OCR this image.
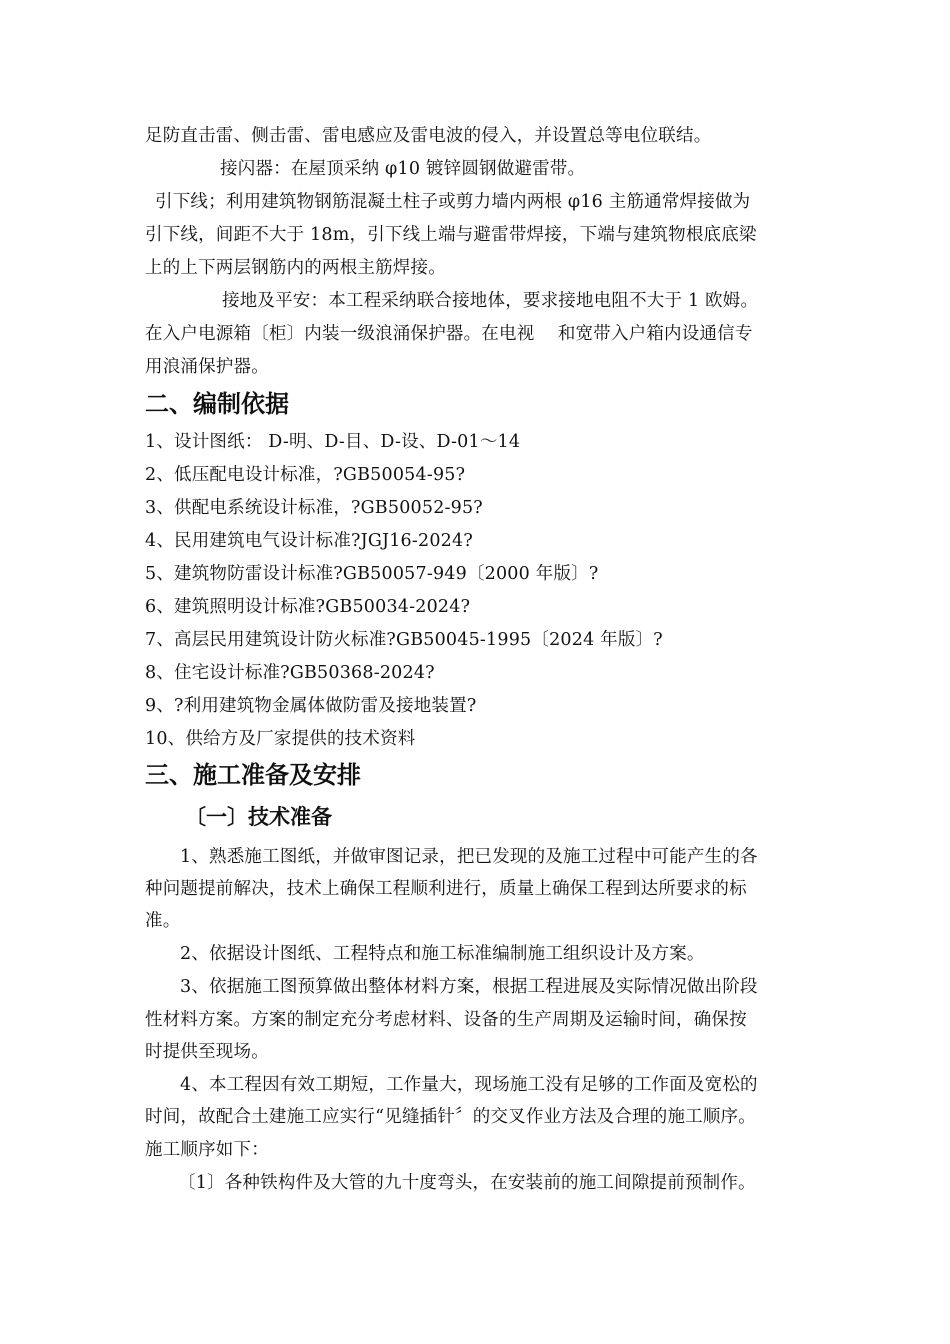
足防直击雷、侧击雷、雷电感应及雷电波的侵入，并设置总等电位联结。

接闪器：在屋顶采纳 φ10 镀锌圆钢做避雷带。

引下线；利用建筑物钢筋混凝土柱子或剪力墙内两根 φ16 主筋通常焊接做为

引下线，间距不大于 18m，引下线上端与避雷带焊接，下端与建筑物根底底梁

上的上下两层钢筋内的两根主筋焊接。

接地及平安：本工程采纳联合接地体，要求接地电阻不大于 1 欧姆。

在入户电源箱〔柜〕内装一级浪涌保护器。在电视　 和宽带入户箱内设通信专

用浪涌保护器。

二、编制依据

1、设计图纸： D-明、D-目、D-设、D-01～14

2、低压配电设计标准，?GB50054-95?

3、供配电系统设计标准，?GB50052-95?

4、民用建筑电气设计标准?JGJ16-2024?

5、建筑物防雷设计标准?GB50057-949〔2000 年版〕?

6、建筑照明设计标准?GB50034-2024?

7、高层民用建筑设计防火标准?GB50045-1995〔2024 年版〕?

8、住宅设计标准?GB50368-2024?

9、?利用建筑物金属体做防雷及接地装置?

10、供给方及厂家提供的技术资料

三、施工准备及安排
〔一〕技术准备

1、熟悉施工图纸，并做审图记录，把已发现的及施工过程中可能产生的各

种问题提前解决，技术上确保工程顺利进行，质量上确保工程到达所要求的标

准。

2、依据设计图纸、工程特点和施工标准编制施工组织设计及方案。

3、依据施工图预算做出整体材料方案，根据工程进展及实际情况做出阶段

性材料方案。方案的制定充分考虑材料、设备的生产周期及运输时间，确保按

时提供至现场。

4、本工程因有效工期短，工作量大，现场施工没有足够的工作面及宽松的

时间，故配合土建施工应实行“见缝插针〞的交叉作业方法及合理的施工顺序。

施工顺序如下：

〔1〕各种铁构件及大管的九十度弯头，在安装前的施工间隙提前预制作。
